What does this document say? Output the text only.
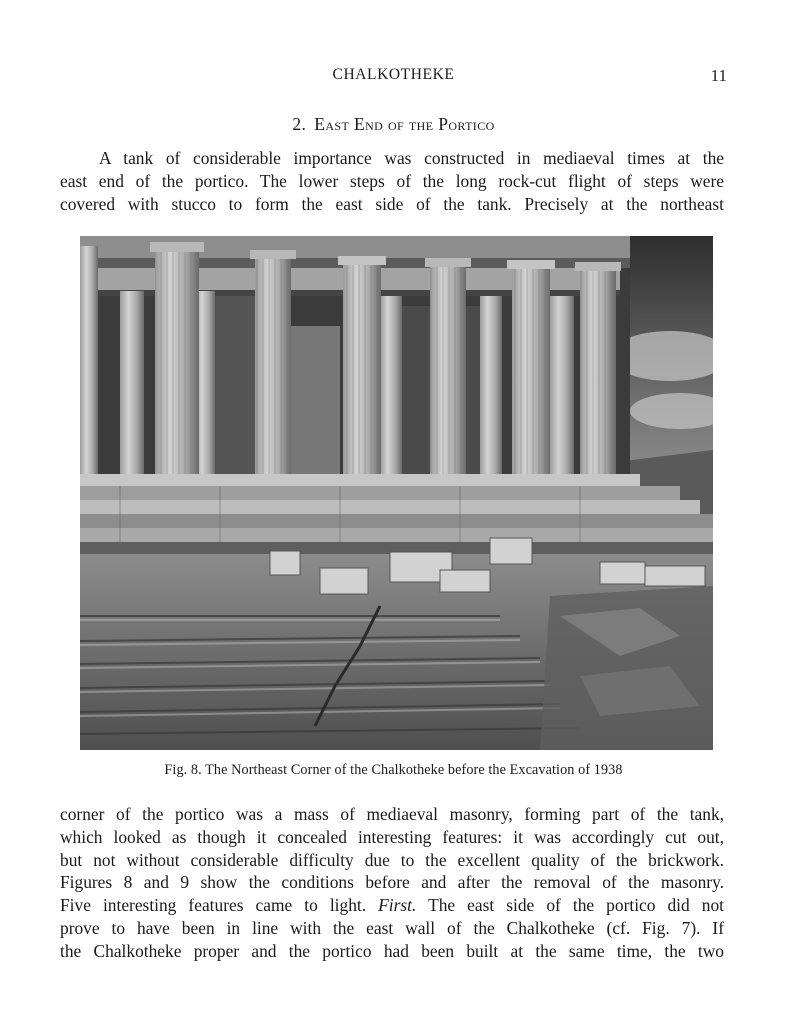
CHALKOTHEKE	11
2. East End of the Portico
A tank of considerable importance was constructed in mediaeval times at the
east end of the portico. The lower steps of the long rock-cut flight of steps were
covered with stucco to form the east side of the tank. Precisely at the northeast
Fig. 8. The Northeast Corner of the Chalkotheke before the Excavation of 1938
corner of the portico was a mass of mediaeval masonry, forming part of the tank,
which looked as though it concealed interesting features: it was accordingly cut out,
but not without considerable difficulty due to the excellent quality of the brickwork.
Figures 8 and 9 show the conditions before and after the removal of the masonry.
Five interesting features came to light. First. The east side of the portico did not
prove to have been in line with the east wall of the Chalkotheke (cf. Fig. 7). If
the Chalkotheke proper and the portico had been built at the same time, the two
